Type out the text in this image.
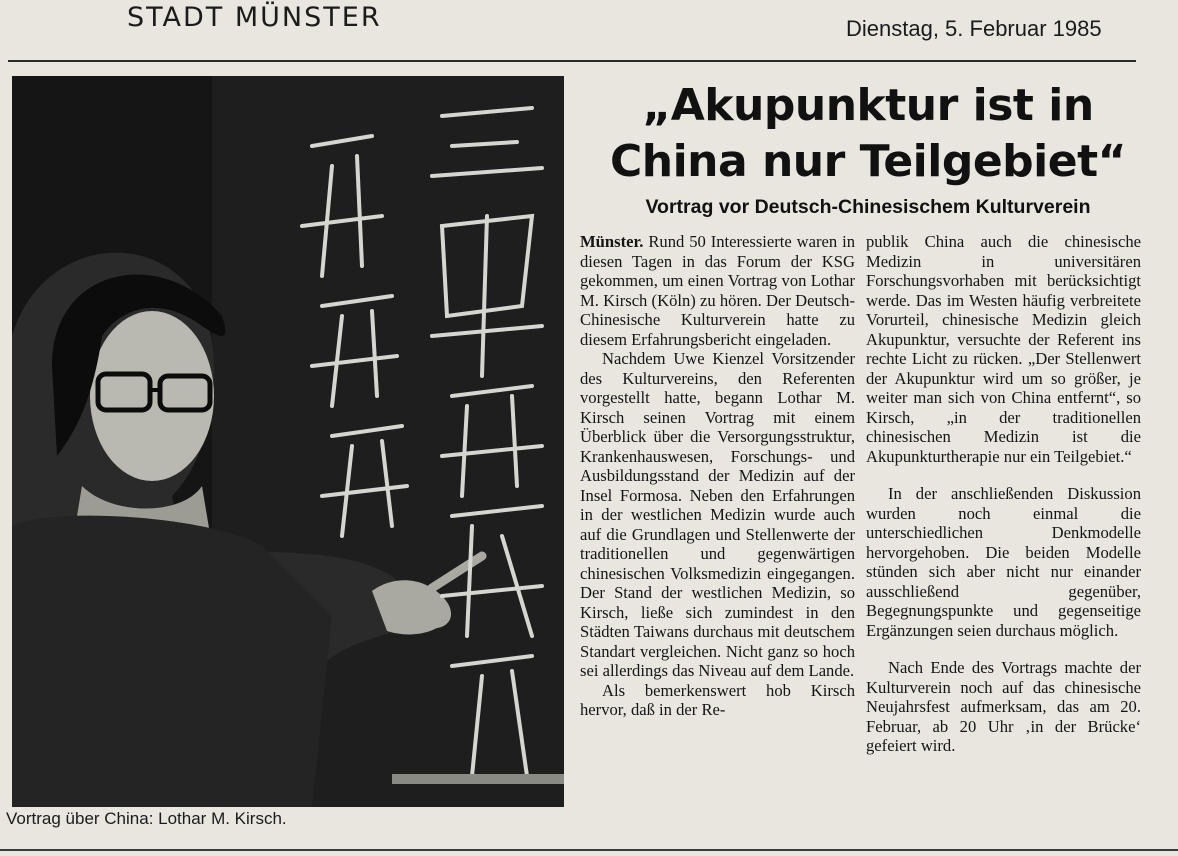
STADT MÜNSTER	Dienstag, 5. Februar 1985
Vortrag über China: Lothar M. Kirsch.
„Akupunktur ist in
China nur Teilgebiet“
Vortrag vor Deutsch-Chinesischem Kulturverein

Münster. Rund 50 Interessierte waren in diesen Tagen in das Forum der KSG gekommen, um einen Vortrag von Lothar M. Kirsch (Köln) zu hören. Der Deutsch-Chinesische Kulturverein hatte zu diesem Erfahrungsbericht eingeladen.

Nachdem Uwe Kienzel Vorsitzender des Kulturvereins, den Referenten vorgestellt hatte, begann Lothar M. Kirsch seinen Vortrag mit einem Überblick über die Versorgungsstruktur, Krankenhauswesen, Forschungs- und Ausbildungsstand der Medizin auf der Insel Formosa. Neben den Erfahrungen in der westlichen Medizin wurde auch auf die Grundlagen und Stellenwerte der traditionellen und gegenwärtigen chinesischen Volksmedizin eingegangen. Der Stand der westlichen Medizin, so Kirsch, ließe sich zumindest in den Städten Taiwans durchaus mit deutschem Standart vergleichen. Nicht ganz so hoch sei allerdings das Niveau auf dem Lande.

Als bemerkenswert hob Kirsch hervor, daß in der Re-

publik China auch die chinesische Medizin in universitären Forschungsvorhaben mit berücksichtigt werde. Das im Westen häufig verbreitete Vorurteil, chinesische Medizin gleich Akupunktur, versuchte der Referent ins rechte Licht zu rücken. „Der Stellenwert der Akupunktur wird um so größer, je weiter man sich von China entfernt“, so Kirsch, „in der traditionellen chinesischen Medizin ist die Akupunkturtherapie nur ein Teilgebiet.“

In der anschließenden Diskussion wurden noch einmal die unterschiedlichen Denkmodelle hervorgehoben. Die beiden Modelle stünden sich aber nicht nur einander ausschließend gegenüber, Begegnungspunkte und gegenseitige Ergänzungen seien durchaus möglich.

Nach Ende des Vortrags machte der Kulturverein noch auf das chinesische Neujahrsfest aufmerksam, das am 20. Februar, ab 20 Uhr ‚in der Brücke‘ gefeiert wird.
